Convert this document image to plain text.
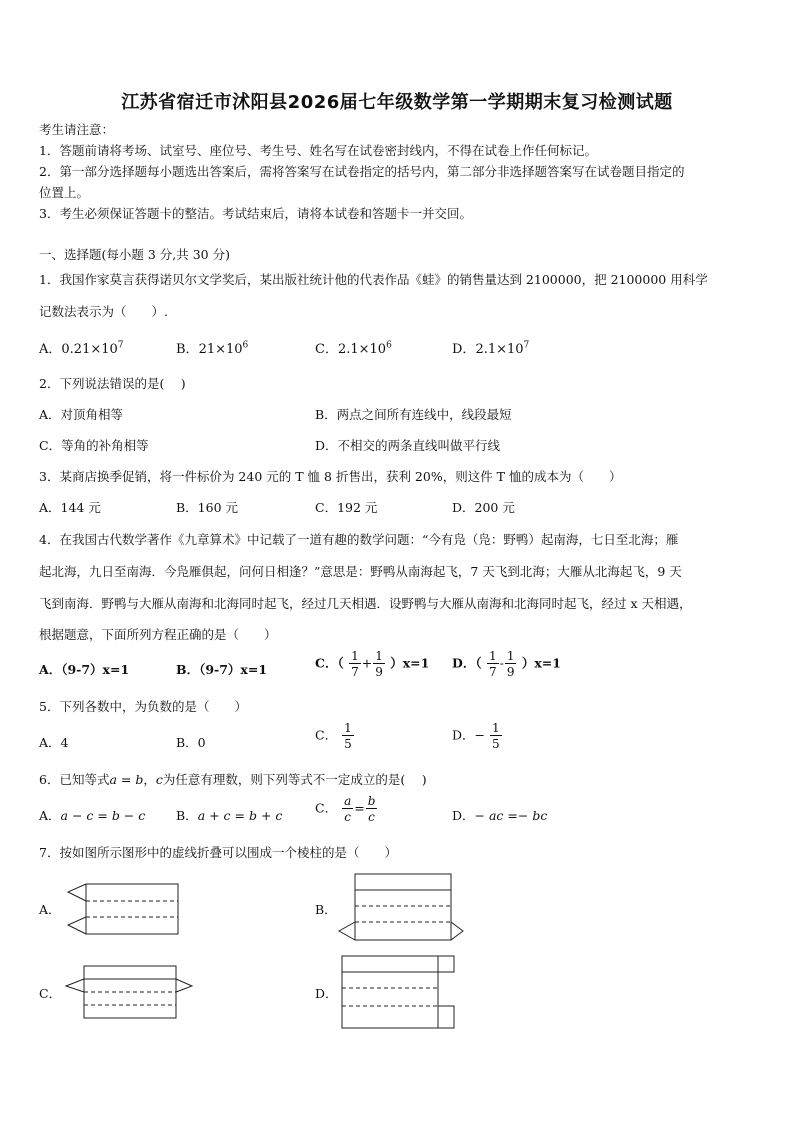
江苏省宿迁市沭阳县2026届七年级数学第一学期期末复习检测试题
考生请注意：
1．答题前请将考场、试室号、座位号、考生号、姓名写在试卷密封线内，不得在试卷上作任何标记。
2．第一部分选择题每小题选出答案后，需将答案写在试卷指定的括号内，第二部分非选择题答案写在试卷题目指定的
位置上。
3．考生必须保证答题卡的整洁。考试结束后，请将本试卷和答题卡一并交回。
一、选择题(每小题 3 分,共 30 分)
1．我国作家莫言获得诺贝尔文学奖后，某出版社统计他的代表作品《蛙》的销售量达到 2100000，把 2100000 用科学
记数法表示为（　　）.
A．$0.21\times 10^7$	B．$21\times 10^6$	C．$2.1\times 10^6$	D．$2.1\times 10^7$
2．下列说法错误的是(　 )
A．对顶角相等	B．两点之间所有连线中，线段最短
C．等角的补角相等	D．不相交的两条直线叫做平行线
3．某商店换季促销，将一件标价为 240 元的 T 恤 8 折售出，获利 20%，则这件 T 恤的成本为（　　）
A．144 元	B．160 元	C．192 元	D．200 元
4．在我国古代数学著作《九章算术》中记载了一道有趣的数学问题：“今有凫（凫：野鸭）起南海，七日至北海；雁
起北海，九日至南海．今凫雁俱起，问何日相逢？”意思是：野鸭从南海起飞，7 天飞到北海；大雁从北海起飞，9 天
飞到南海．野鸭与大雁从南海和北海同时起飞，经过几天相遇．设野鸭与大雁从南海和北海同时起飞，经过 x 天相遇，
根据题意，下面所列方程正确的是（　　）
A．（9-7）x=1	B．（9-7）x=1	C．（ $\frac{1}{7} + \frac{1}{9} )x=1$ D．（ $\frac{1}{7} - \frac{1}{9} )x=1$
5．下列各数中，为负数的是（　　）
A．4	B．0	C． $\frac{1}{5}$	D．− $\frac{1}{5}$
6．已知等式a = b，c为任意有理数，则下列等式不一定成立的是(　 )
A．a − c = b − c B．a + c = b + c	C． $\frac{a}{c} = \frac{b}{c}$	D．− ac =− bc
7．按如图所示图形中的虚线折叠可以围成一个棱柱的是（　　）
A．	B．
C．	D．
